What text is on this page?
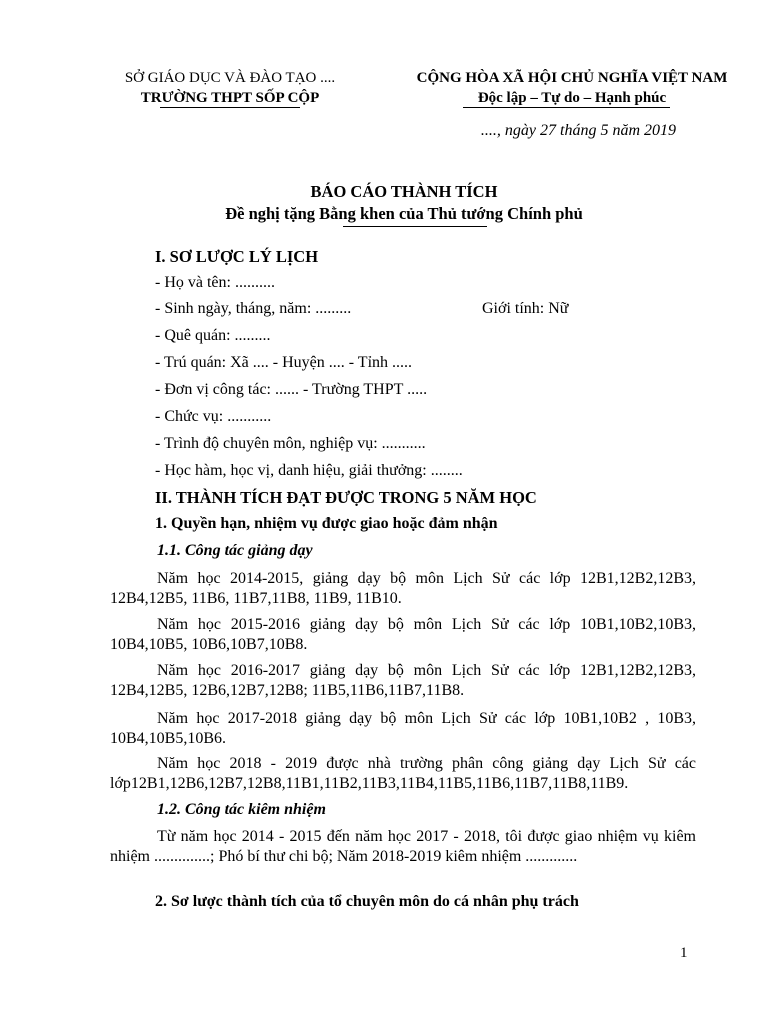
SỞ GIÁO DỤC VÀ ĐÀO TẠO ....
TRƯỜNG THPT SỐP CỘP
CỘNG HÒA XÃ HỘI CHỦ NGHĨA VIỆT NAM
Độc lập – Tự do – Hạnh phúc
...., ngày 27 tháng 5 năm 2019
BÁO CÁO THÀNH TÍCH
Đề nghị tặng Bằng khen của Thủ tướng Chính phủ
I. SƠ LƯỢC LÝ LỊCH
- Họ và tên: ..........
- Sinh ngày, tháng, năm: .........	Giới tính: Nữ
- Quê quán: .........
- Trú quán: Xã .... - Huyện .... - Tỉnh .....
- Đơn vị công tác: ...... - Trường THPT .....
- Chức vụ: ...........
- Trình độ chuyên môn, nghiệp vụ: ...........
- Học hàm, học vị, danh hiệu, giải thưởng: ........
II. THÀNH TÍCH ĐẠT ĐƯỢC TRONG 5 NĂM HỌC
1. Quyền hạn, nhiệm vụ được giao hoặc đảm nhận
1.1. Công tác giảng dạy
Năm học 2014-2015, giảng dạy bộ môn Lịch Sử các lớp 12B1,12B2,12B3, 12B4,12B5, 11B6, 11B7,11B8, 11B9, 11B10.
Năm học 2015-2016 giảng dạy bộ môn Lịch Sử các lớp 10B1,10B2,10B3, 10B4,10B5, 10B6,10B7,10B8.
Năm học 2016-2017 giảng dạy bộ môn Lịch Sử các lớp 12B1,12B2,12B3, 12B4,12B5, 12B6,12B7,12B8; 11B5,11B6,11B7,11B8.
Năm học 2017-2018 giảng dạy bộ môn Lịch Sử các lớp 10B1,10B2 , 10B3, 10B4,10B5,10B6.
Năm học 2018 - 2019 được nhà trường phân công giảng dạy Lịch Sử các lớp12B1,12B6,12B7,12B8,11B1,11B2,11B3,11B4,11B5,11B6,11B7,11B8,11B9.
1.2. Công tác kiêm nhiệm
Từ năm học 2014 - 2015 đến năm học 2017 - 2018, tôi được giao nhiệm vụ kiêm nhiệm ..............; Phó bí thư chi bộ; Năm 2018-2019 kiêm nhiệm .............
2. Sơ lược thành tích của tổ chuyên môn do cá nhân phụ trách
1
